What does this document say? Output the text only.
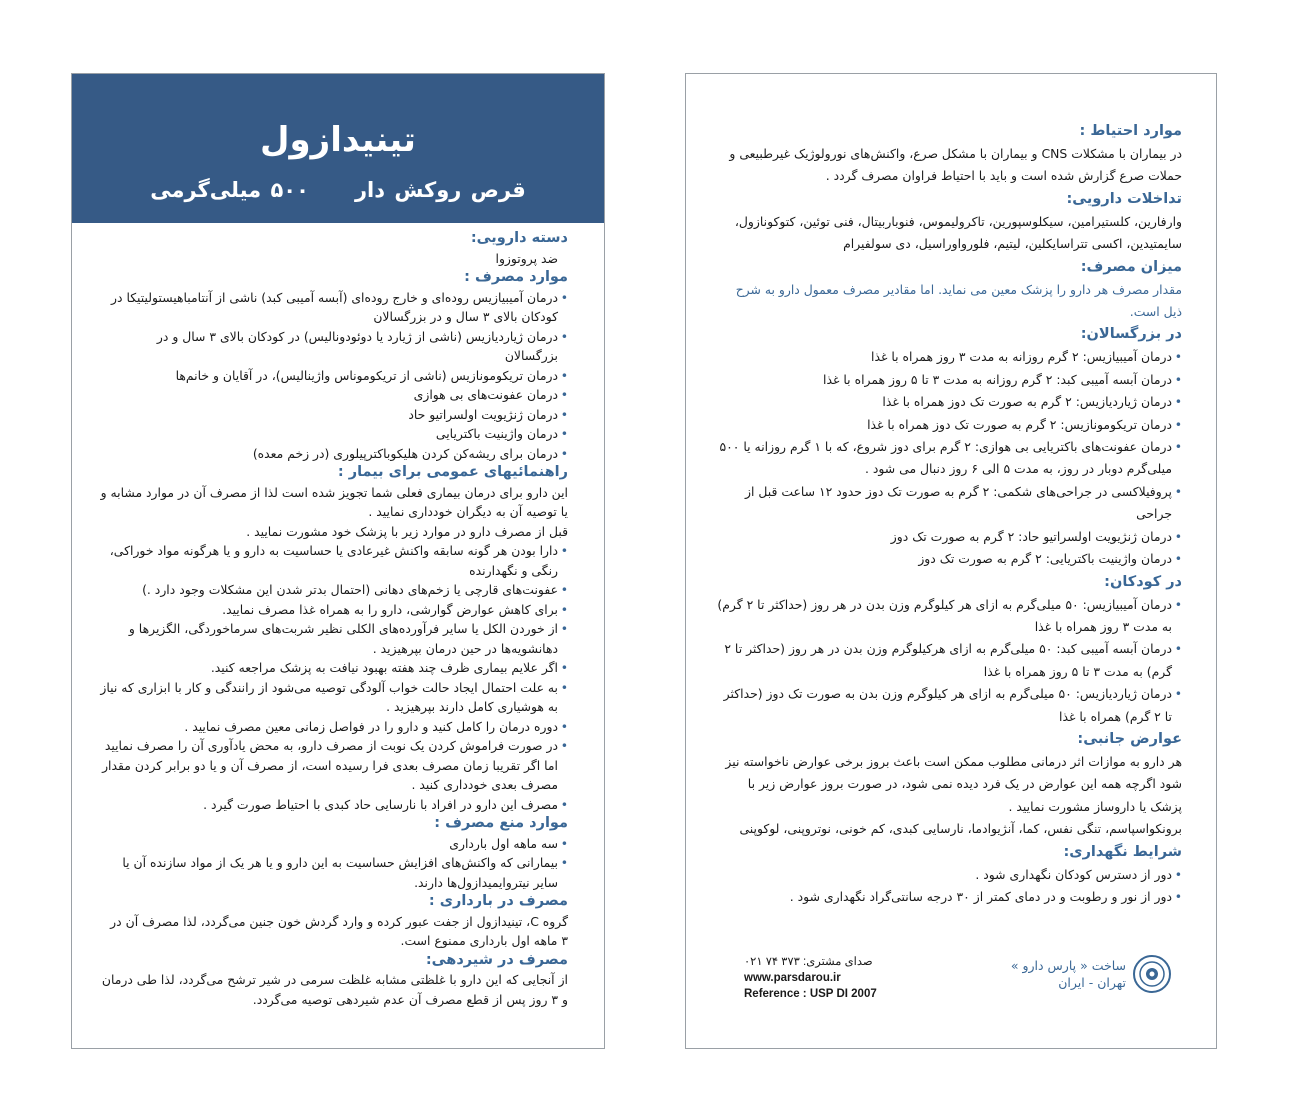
تینیدازول
قرص روکش دار۵۰۰ میلی‌گرمی
دسته دارویی:

ضد پروتوزوا

موارد مصرف :
• درمان آمیبیازیس روده‌ای و خارج روده‌ای (آبسه آمیبی کبد) ناشی از آنتامباهیستولیتیکا در کودکان بالای ۳ سال و در بزرگسالان
• درمان ژیاردیازیس (ناشی از ژیارد یا دوئودونالیس) در کودکان بالای ۳ سال و در بزرگسالان
• درمان تریکومونازیس (ناشی از تریکوموناس واژینالیس)، در آقایان و خانم‌ها
• درمان عفونت‌های بی هوازی
• درمان ژنژیویت اولسراتیو حاد
• درمان واژینیت باکتریایی
• درمان برای ریشه‌کن کردن هلیکوباکترپیلوری (در زخم معده)
راهنمائیهای عمومی برای بیمار :

این دارو برای درمان بیماری فعلی شما تجویز شده است لذا از مصرف آن در موارد مشابه و یا توصیه آن به دیگران خودداری نمایید .

قبل از مصرف دارو در موارد زیر با پزشک خود مشورت نمایید .

• دارا بودن هر گونه سابقه واکنش غیرعادی یا حساسیت به دارو و یا هرگونه مواد خوراکی، رنگی و نگهدارنده
• عفونت‌های قارچی یا زخم‌های دهانی (احتمال بدتر شدن این مشکلات وجود دارد .)
• برای کاهش عوارض گوارشی، دارو را به همراه غذا مصرف نمایید.
• از خوردن الکل یا سایر فرآورده‌های الکلی نظیر شربت‌های سرماخوردگی، الگزیرها و دهانشویه‌ها در حین درمان بپرهیزید .
• اگر علایم بیماری ظرف چند هفته بهبود نیافت به پزشک مراجعه کنید.
• به علت احتمال ایجاد حالت خواب آلودگی توصیه می‌شود از رانندگی و کار با ابزاری که نیاز به هوشیاری کامل دارند بپرهیزید .
• دوره درمان را کامل کنید و دارو را در فواصل زمانی معین مصرف نمایید .
• در صورت فراموش کردن یک نوبت از مصرف دارو، به محض یادآوری آن را مصرف نمایید اما اگر تقریبا زمان مصرف بعدی فرا رسیده است، از مصرف آن و یا دو برابر کردن مقدار مصرف بعدی خودداری کنید .
• مصرف این دارو در افراد با نارسایی حاد کبدی با احتیاط صورت گیرد .
موارد منع مصرف :
• سه ماهه اول بارداری
• بیمارانی که واکنش‌های افزایش حساسیت به این دارو و یا هر یک از مواد سازنده آن یا سایر نیتروایمیدازول‌ها دارند.
مصرف در بارداری :

گروه C، تینیدازول از جفت عبور کرده و وارد گردش خون جنین می‌گردد، لذا مصرف آن در ۳ ماهه اول بارداری ممنوع است.

مصرف در شیردهی:

از آنجایی که این دارو با غلظتی مشابه غلظت سرمی در شیر ترشح می‌گردد، لذا طی درمان و ۳ روز پس از قطع مصرف آن عدم شیردهی توصیه می‌گردد.

موارد احتیاط :

در بیماران با مشکلات CNS و بیماران با مشکل صرع، واکنش‌های نورولوژیک غیرطبیعی و حملات صرع گزارش شده است و باید با احتیاط فراوان مصرف گردد .

تداخلات دارویی:

وارفارین، کلستیرامین، سیکلوسپورین، تاکرولیموس، فنوباربیتال، فنی توئین، کتوکونازول، سایمتیدین، اکسی تتراسایکلین، لیتیم، فلورواوراسیل، دی سولفیرام

میزان مصرف:

مقدار مصرف هر دارو را پزشک معین می نماید. اما مقادیر مصرف معمول دارو به شرح ذیل است.

در بزرگسالان:
• درمان آمیبیازیس: ۲ گرم روزانه به مدت ۳ روز همراه با غذا
• درمان آبسه آمیبی کبد: ۲ گرم روزانه به مدت ۳ تا ۵ روز همراه با غذا
• درمان ژیاردیازیس: ۲ گرم به صورت تک دوز همراه با غذا
• درمان تریکومونازیس: ۲ گرم به صورت تک دوز همراه با غذا
• درمان عفونت‌های باکتریایی بی هوازی: ۲ گرم برای دوز شروع، که با ۱ گرم روزانه یا ۵۰۰ میلی‌گرم دوبار در روز، به مدت ۵ الی ۶ روز دنبال می شود .
• پروفیلاکسی در جراحی‌های شکمی: ۲ گرم به صورت تک دوز حدود ۱۲ ساعت قبل از جراحی
• درمان ژنژیویت اولسراتیو حاد: ۲ گرم به صورت تک دوز
• درمان واژینیت باکتریایی: ۲ گرم به صورت تک دوز
در کودکان:
• درمان آمیبیازیس: ۵۰ میلی‌گرم به ازای هر کیلوگرم وزن بدن در هر روز (حداکثر تا ۲ گرم) به مدت ۳ روز همراه با غذا
• درمان آبسه آمیبی کبد: ۵۰ میلی‌گرم به ازای هرکیلوگرم وزن بدن در هر روز (حداکثر تا ۲ گرم) به مدت ۳ تا ۵ روز همراه با غذا
• درمان ژیاردیازیس: ۵۰ میلی‌گرم به ازای هر کیلوگرم وزن بدن به صورت تک دوز (حداکثر تا ۲ گرم) همراه با غذا
عوارض جانبی:

هر دارو به موازات اثر درمانی مطلوب ممکن است باعث بروز برخی عوارض ناخواسته نیز شود اگرچه همه این عوارض در یک فرد دیده نمی شود، در صورت بروز عوارض زیر با پزشک یا داروساز مشورت نمایید .

برونکواسپاسم، تنگی نفس، کما، آنژیوادما، نارسایی کبدی، کم خونی، نوتروپنی، لوکوپنی

شرایط نگهداری:
• دور از دسترس کودکان نگهداری شود .
• دور از نور و رطوبت و در دمای کمتر از ۳۰ درجه سانتی‌گراد نگهداری شود .
صدای مشتری: ۳۷۳ ۷۴ ۰۲۱
www.parsdarou.ir
Reference : USP DI 2007
ساخت « پارس دارو »
تهران - ایران
